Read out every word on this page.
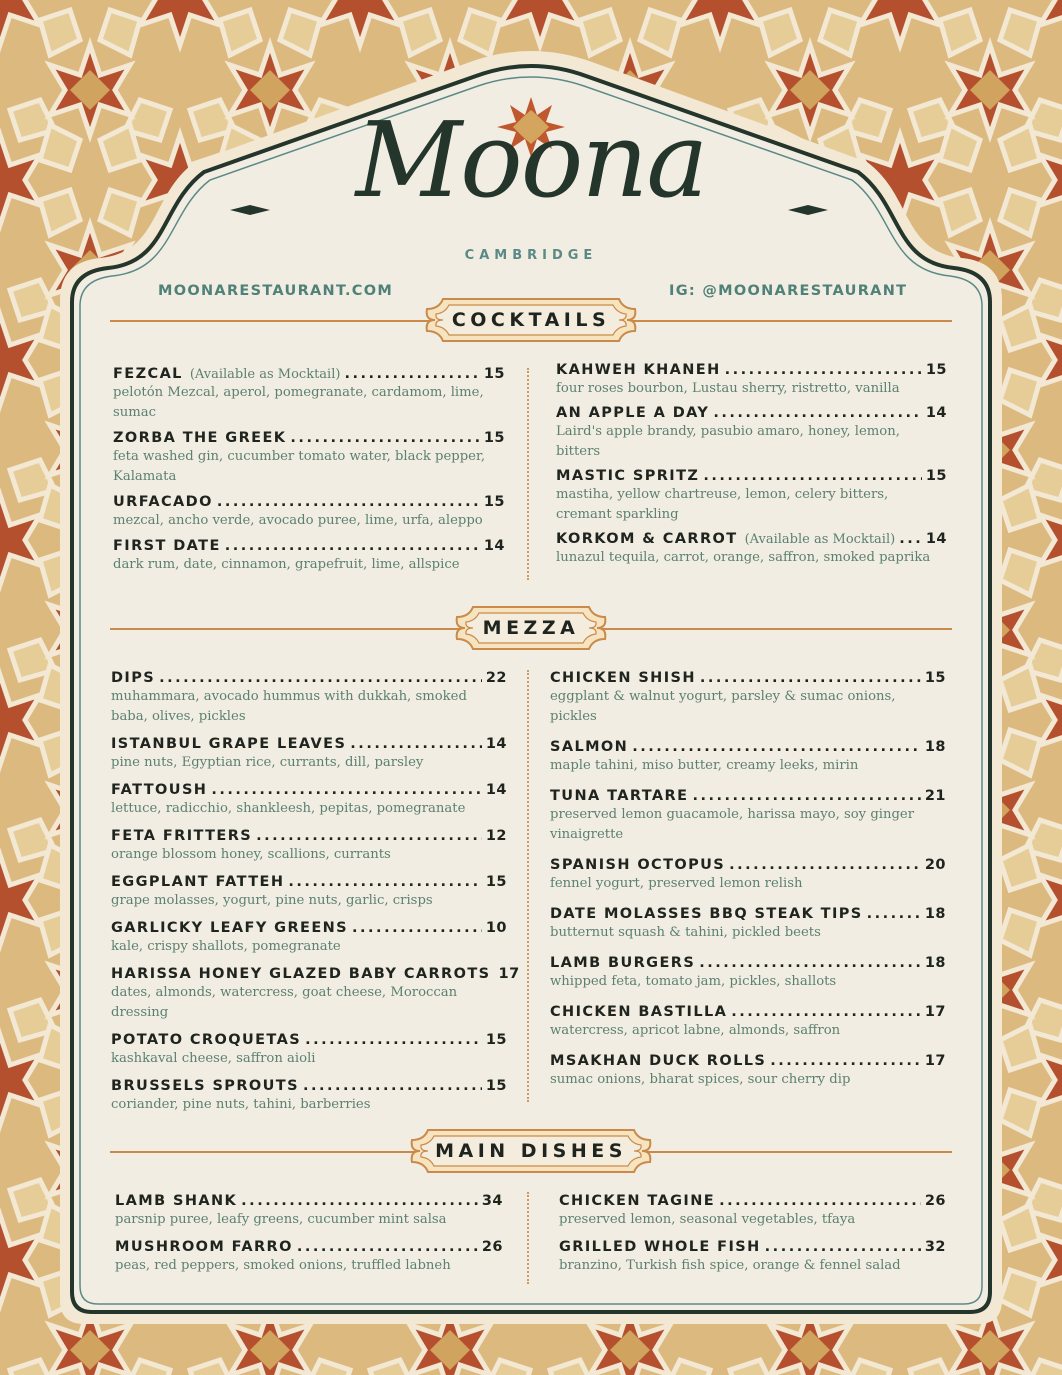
Moona
CAMBRIDGE
MOONARESTAURANT.COM	IG: @MOONARESTAURANT
COCKTAILS
MEZZA
MAIN DISHES
FEZCAL (Available as Mocktail) .....	15
pelotón Mezcal, aperol, pomegranate, cardamom, lime, sumac
ZORBA THE GREEK .....	15
feta washed gin, cucumber tomato water, black pepper, Kalamata
URFACADO .....	15
mezcal, ancho verde, avocado puree, lime, urfa, aleppo
FIRST DATE .....	14
dark rum, date, cinnamon, grapefruit, lime, allspice
KAHWEH KHANEH .....	15
four roses bourbon, Lustau sherry, ristretto, vanilla
AN APPLE A DAY .....	14
Laird's apple brandy, pasubio amaro, honey, lemon, bitters
MASTIC SPRITZ .....	15
mastiha, yellow chartreuse, lemon, celery bitters, cremant sparkling
KORKOM & CARROT (Available as Mocktail) ..... 14
lunazul tequila, carrot, orange, saffron, smoked paprika
DIPS .....	22
muhammara, avocado hummus with dukkah, smoked baba, olives, pickles
ISTANBUL GRAPE LEAVES .....	14
pine nuts, Egyptian rice, currants, dill, parsley
FATTOUSH .....	14
lettuce, radicchio, shankleesh, pepitas, pomegranate
FETA FRITTERS .....	12
orange blossom honey, scallions, currants
EGGPLANT FATTEH .....	15
grape molasses, yogurt, pine nuts, garlic, crisps
GARLICKY LEAFY GREENS .....	10
kale, crispy shallots, pomegranate
HARISSA HONEY GLAZED BABY CARROTS 17
dates, almonds, watercress, goat cheese, Moroccan dressing
POTATO CROQUETAS .....	15
kashkaval cheese, saffron aioli
BRUSSELS SPROUTS .....	15
coriander, pine nuts, tahini, barberries
CHICKEN SHISH .....	15
eggplant & walnut yogurt, parsley & sumac onions, pickles
SALMON .....	18
maple tahini, miso butter, creamy leeks, mirin
TUNA TARTARE .....	21
preserved lemon guacamole, harissa mayo, soy ginger vinaigrette
SPANISH OCTOPUS .....	20
fennel yogurt, preserved lemon relish
DATE MOLASSES BBQ STEAK TIPS .....	18
butternut squash & tahini, pickled beets
LAMB BURGERS .....	18
whipped feta, tomato jam, pickles, shallots
CHICKEN BASTILLA .....	17
watercress, apricot labne, almonds, saffron
MSAKHAN DUCK ROLLS .....	17
sumac onions, bharat spices, sour cherry dip
LAMB SHANK .....	34
parsnip puree, leafy greens, cucumber mint salsa
MUSHROOM FARRO .....	26
peas, red peppers, smoked onions, truffled labneh
CHICKEN TAGINE .....	26
preserved lemon, seasonal vegetables, tfaya
GRILLED WHOLE FISH .....	32
branzino, Turkish fish spice, orange & fennel salad
